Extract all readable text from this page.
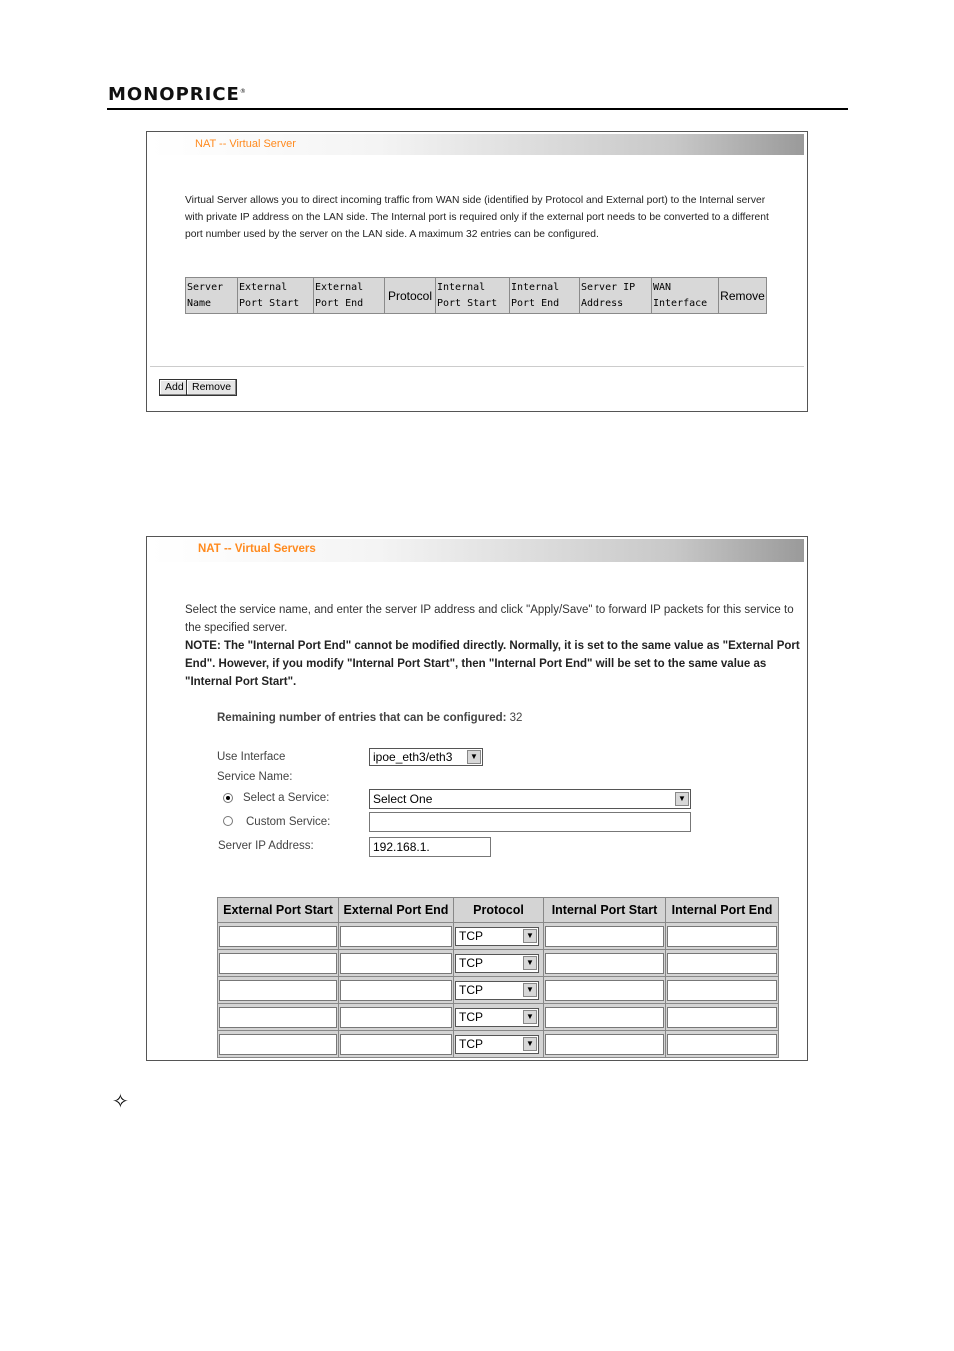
MONOPRICE®
NAT -- Virtual Server
Virtual Server allows you to direct incoming traffic from WAN side (identified by Protocol and External port) to the Internal server with private IP address on the LAN side. The Internal port is required only if the external port needs to be converted to a different port number used by the server on the LAN side. A maximum 32 entries can be configured.
Server Name	External Port Start	External Port End	Protocol	Internal Port Start	Internal Port End	Server IP Address	WAN Interface	Remove
Add Remove
NAT -- Virtual Servers
Select the service name, and enter the server IP address and click "Apply/Save" to forward IP packets for this service to the specified server.
NOTE: The "Internal Port End" cannot be modified directly. Normally, it is set to the same value as "External Port End". However, if you modify "Internal Port Start", then "Internal Port End" will be set to the same value as "Internal Port Start".
Remaining number of entries that can be configured: 32
Use Interface	ipoe_eth3/eth3	▼
Service Name:
Select a Service:	Select One	▼
Custom Service:
Server IP Address:	192.168.1.
External Port Start	External Port End	Protocol	Internal Port Start	Internal Port End

		TCP ▼		

		TCP ▼		

		TCP ▼		

		TCP ▼		

		TCP ▼		

✧
